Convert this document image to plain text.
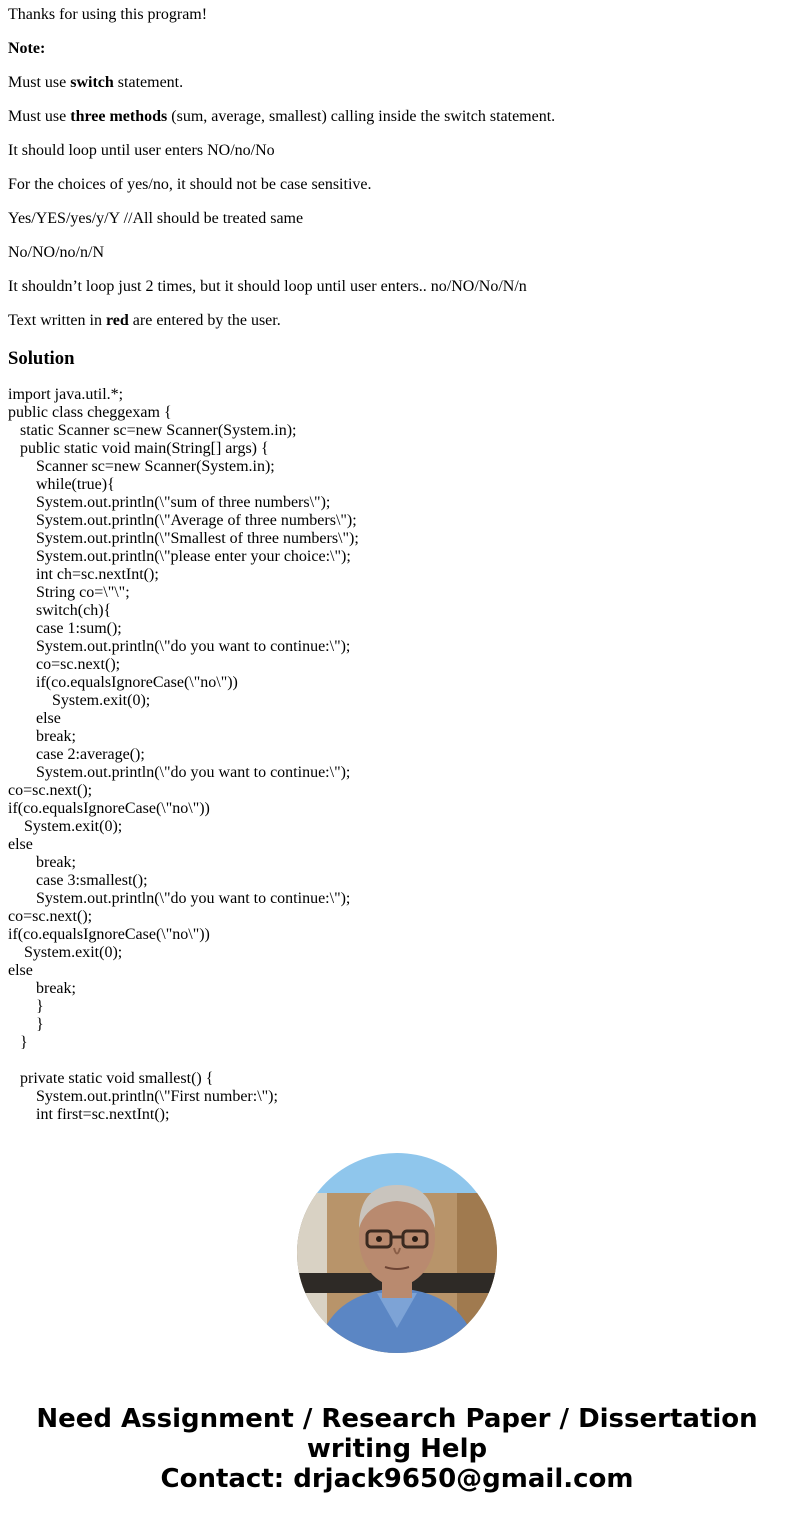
Thanks for using this program!

Note:

Must use switch statement.

Must use three methods (sum, average, smallest) calling inside the switch statement.

It should loop until user enters NO/no/No

For the choices of yes/no, it should not be case sensitive.

Yes/YES/yes/y/Y //All should be treated same

No/NO/no/n/N

It shouldn’t loop just 2 times, but it should loop until user enters.. no/NO/No/N/n

Text written in red are entered by the user.

Solution
import java.util.*;
public class cheggexam {
static Scanner sc=new Scanner(System.in);
public static void main(String[] args) {
Scanner sc=new Scanner(System.in);
while(true){
System.out.println(\"sum of three numbers\");
System.out.println(\"Average of three numbers\");
System.out.println(\"Smallest of three numbers\");
System.out.println(\"please enter your choice:\");
int ch=sc.nextInt();
String co=\"\";
switch(ch){
case 1:sum();
System.out.println(\"do you want to continue:\");
co=sc.next();
if(co.equalsIgnoreCase(\"no\"))
System.exit(0);
else
break;
case 2:average();
System.out.println(\"do you want to continue:\");
co=sc.next();
if(co.equalsIgnoreCase(\"no\"))
System.exit(0);
else
break;
case 3:smallest();
System.out.println(\"do you want to continue:\");
co=sc.next();
if(co.equalsIgnoreCase(\"no\"))
System.exit(0);
else
break;
}
}
}
private static void smallest() {
System.out.println(\"First number:\");
int first=sc.nextInt();
Need Assignment / Research Paper / Dissertation
writing Help
Contact: drjack9650@gmail.com
